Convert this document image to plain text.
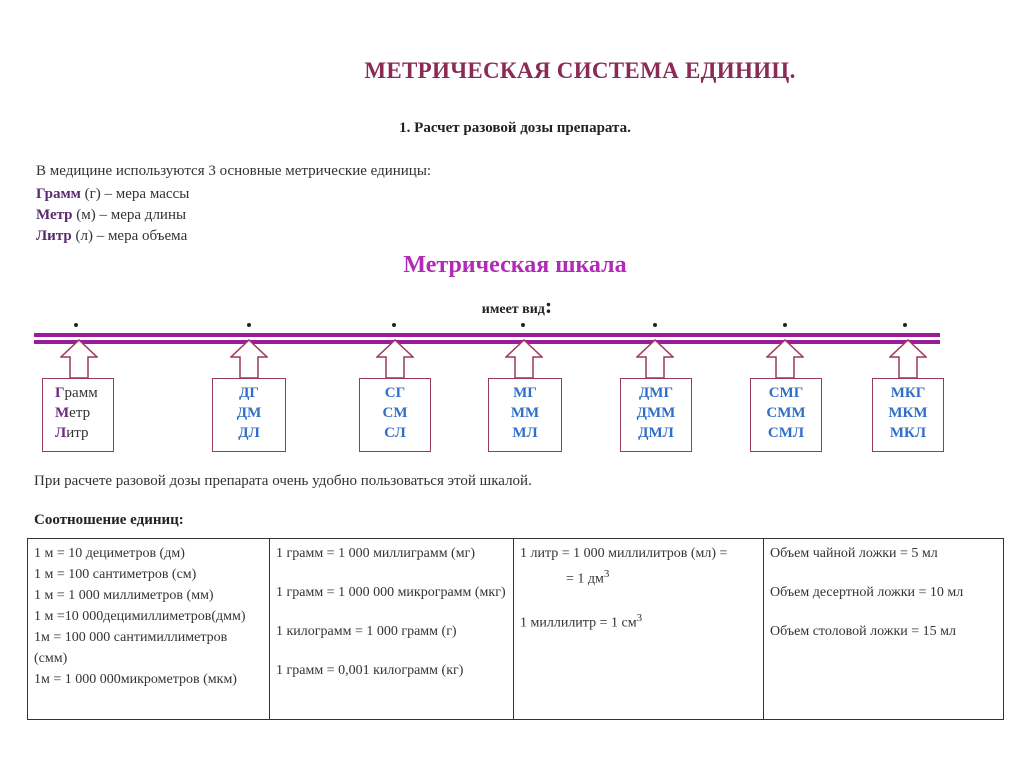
МЕТРИЧЕСКАЯ СИСТЕМА ЕДИНИЦ.
1. Расчет разовой дозы препарата.
В медицине используются 3 основные метрические единицы:
Грамм (г) – мера массы
Метр (м) – мера длины
Литр (л) – мера объема
Метрическая шкала
имеет вид:
Грамм
Метр
Литр
ДГ
ДМ
ДЛ
СГ
СМ
СЛ
МГ
ММ
МЛ
ДМГ
ДММ
ДМЛ
СМГ
СММ
СМЛ
МКГ
МКМ
МКЛ
При расчете разовой дозы препарата очень удобно пользоваться этой шкалой.
Соотношение единиц:
1 м = 10 дециметров (дм)
1 м = 100 сантиметров (см)
1 м = 1 000 миллиметров (мм)
1 м =10 000децимиллиметров(дмм)
1м = 100 000 сантимиллиметров (смм)
1м = 1 000 000микрометров (мкм)

1 грамм = 1 000 миллиграмм (мг)
1 грамм = 1 000 000 микрограмм (мкг)
1 килограмм = 1 000 грамм (г)
1 грамм = 0,001 килограмм (кг)

1 литр = 1 000 миллилитров (мл) =
= 1 $дм^3$
1 миллилитр = 1 $см^3$

Объем чайной ложки = 5 мл
Объем десертной ложки = 10 мл
Объем столовой ложки = 15 мл
